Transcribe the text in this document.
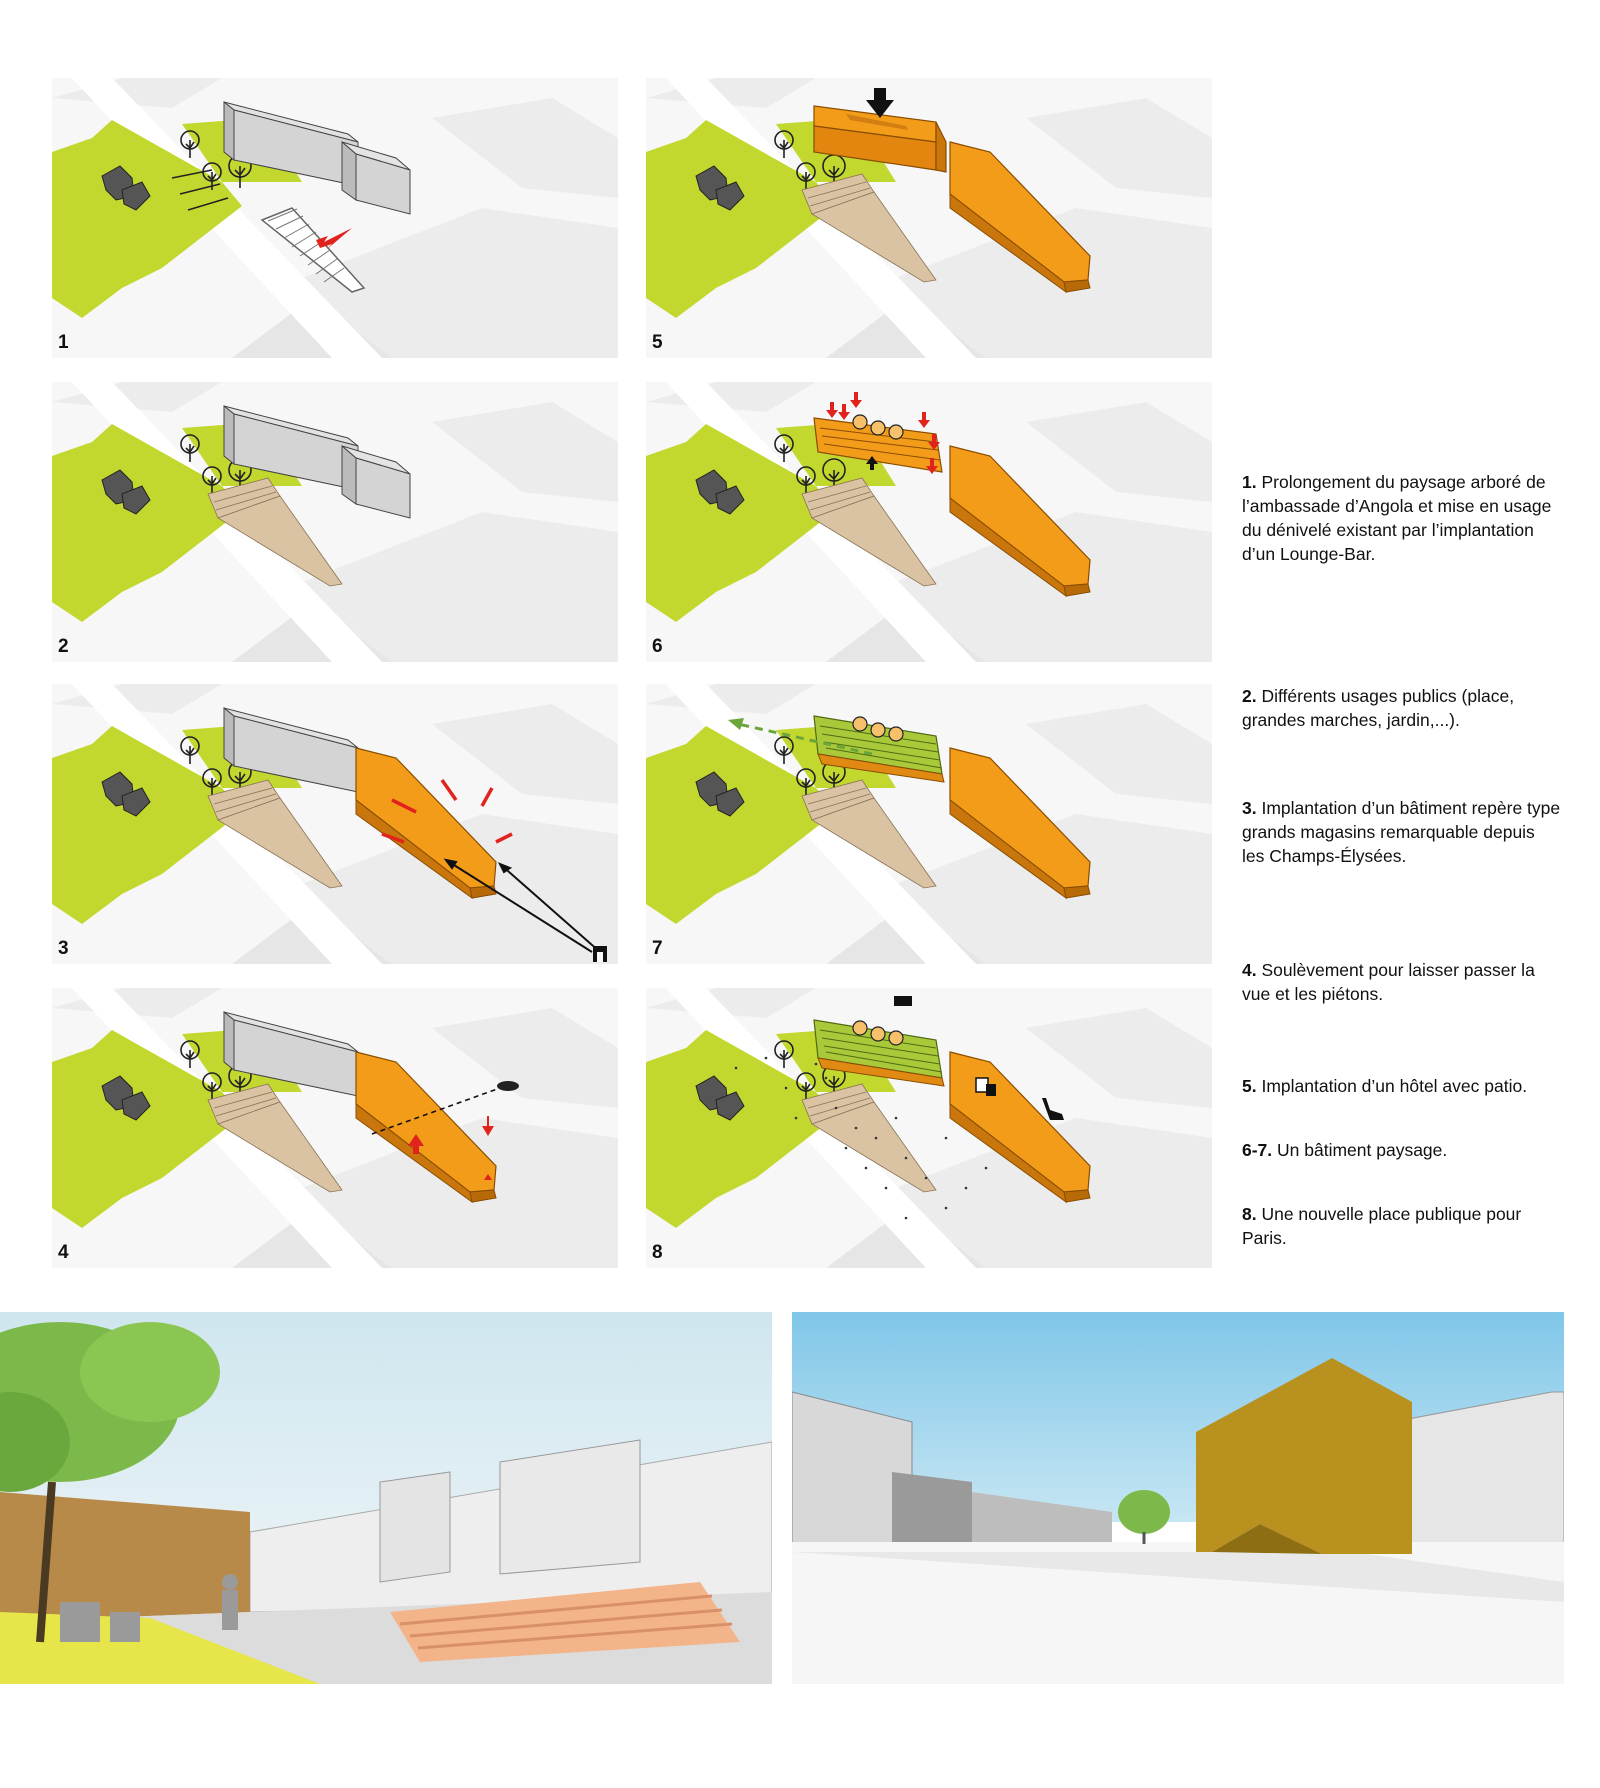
1
2
3
4
5
6
7
8
1. Prolongement du paysage arboré de l’ambassade d’Angola et mise en usage du dénivelé existant par l’implantation d’un Lounge-Bar.
2. Différents usages publics (place, grandes marches, jardin,...).
3. Implantation d’un bâtiment repère type grands magasins remarquable depuis les Champs-Élysées.
4. Soulèvement pour laisser passer la vue et les piétons.
5. Implantation d’un hôtel avec patio.
6-7. Un bâtiment paysage.
8. Une nouvelle place publique pour Paris.
